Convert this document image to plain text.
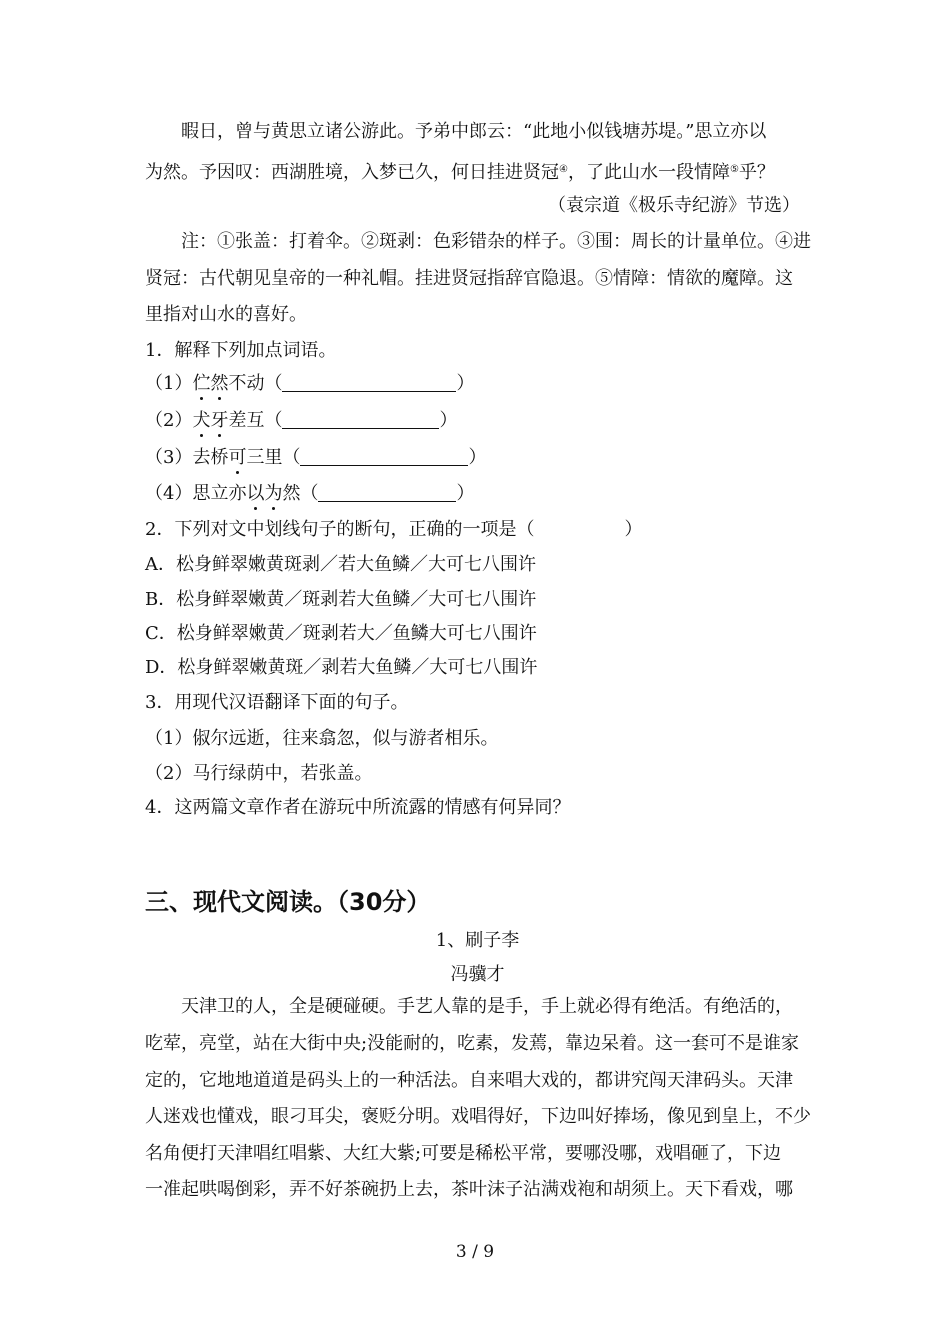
暇日，曾与黄思立诸公游此。予弟中郎云：“此地小似钱塘苏堤。”思立亦以
为然。予因叹：西湖胜境，入梦已久，何日挂进贤冠④，了此山水一段情障⑤乎？
（袁宗道《极乐寺纪游》节选）
注：①张盖：打着伞。②斑剥：色彩错杂的样子。③围：周长的计量单位。④进
贤冠：古代朝见皇帝的一种礼帽。挂进贤冠指辞官隐退。⑤情障：情欲的魔障。这
里指对山水的喜好。
1．解释下列加点词语。
（1）伫然不动（	）
（2）犬牙差互（	）
（3）去桥可三里（	）
（4）思立亦以为然（	）
2．下列对文中划线句子的断句，正确的一项是（　　　　　）
A．松身鲜翠嫩黄斑剥／若大鱼鳞／大可七八围许
B．松身鲜翠嫩黄／斑剥若大鱼鳞／大可七八围许
C．松身鲜翠嫩黄／斑剥若大／鱼鳞大可七八围许
D．松身鲜翠嫩黄斑／剥若大鱼鳞／大可七八围许
3．用现代汉语翻译下面的句子。
（1）俶尔远逝，往来翕忽，似与游者相乐。
（2）马行绿荫中，若张盖。
4．这两篇文章作者在游玩中所流露的情感有何异同？
三、现代文阅读。（30分）
1、刷子李
冯骥才
天津卫的人，全是硬碰硬。手艺人靠的是手，手上就必得有绝活。有绝活的，
吃荤，亮堂，站在大街中央;没能耐的，吃素，发蔫，靠边呆着。这一套可不是谁家
定的，它地地道道是码头上的一种活法。自来唱大戏的，都讲究闯天津码头。天津
人迷戏也懂戏，眼刁耳尖，褒贬分明。戏唱得好，下边叫好捧场，像见到皇上，不少
名角便打天津唱红唱紫、大红大紫;可要是稀松平常，要哪没哪，戏唱砸了，下边
一准起哄喝倒彩，弄不好茶碗扔上去，茶叶沫子沾满戏袍和胡须上。天下看戏，哪
3 / 9
